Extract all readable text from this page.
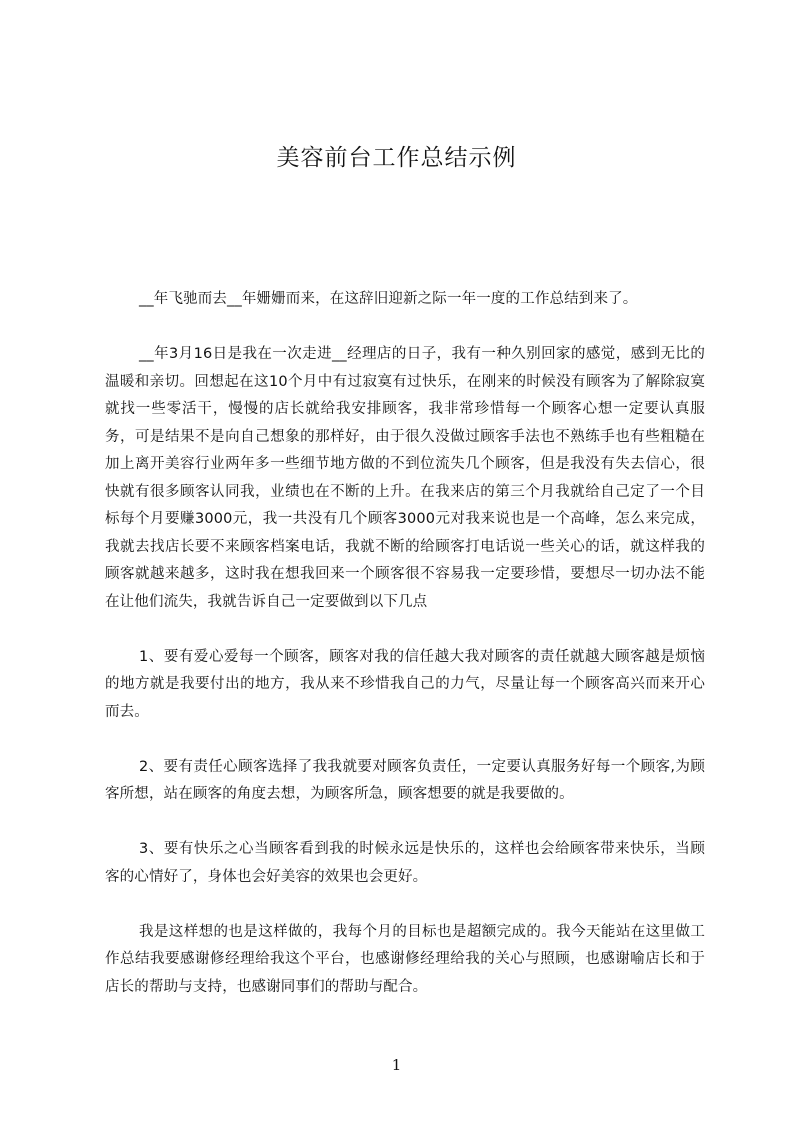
美容前台工作总结示例

__年飞驰而去__年姗姗而来，在这辞旧迎新之际一年一度的工作总结到来了。

__年3月16日是我在一次走进__经理店的日子，我有一种久别回家的感觉，感到无比的温暖和亲切。回想起在这10个月中有过寂寞有过快乐，在刚来的时候没有顾客为了解除寂寞就找一些零活干，慢慢的店长就给我安排顾客，我非常珍惜每一个顾客心想一定要认真服务，可是结果不是向自己想象的那样好，由于很久没做过顾客手法也不熟练手也有些粗糙在加上离开美容行业两年多一些细节地方做的不到位流失几个顾客，但是我没有失去信心，很快就有很多顾客认同我，业绩也在不断的上升。在我来店的第三个月我就给自己定了一个目标每个月要赚3000元，我一共没有几个顾客3000元对我来说也是一个高峰，怎么来完成，我就去找店长要不来顾客档案电话，我就不断的给顾客打电话说一些关心的话，就这样我的顾客就越来越多，这时我在想我回来一个顾客很不容易我一定要珍惜，要想尽一切办法不能在让他们流失，我就告诉自己一定要做到以下几点

1、要有爱心爱每一个顾客，顾客对我的信任越大我对顾客的责任就越大顾客越是烦恼的地方就是我要付出的地方，我从来不珍惜我自己的力气，尽量让每一个顾客高兴而来开心而去。

2、要有责任心顾客选择了我我就要对顾客负责任，一定要认真服务好每一个顾客,为顾客所想，站在顾客的角度去想，为顾客所急，顾客想要的就是我要做的。

3、要有快乐之心当顾客看到我的时候永远是快乐的，这样也会给顾客带来快乐，当顾客的心情好了，身体也会好美容的效果也会更好。

我是这样想的也是这样做的，我每个月的目标也是超额完成的。我今天能站在这里做工作总结我要感谢修经理给我这个平台，也感谢修经理给我的关心与照顾，也感谢喻店长和于店长的帮助与支持，也感谢同事们的帮助与配合。

1
